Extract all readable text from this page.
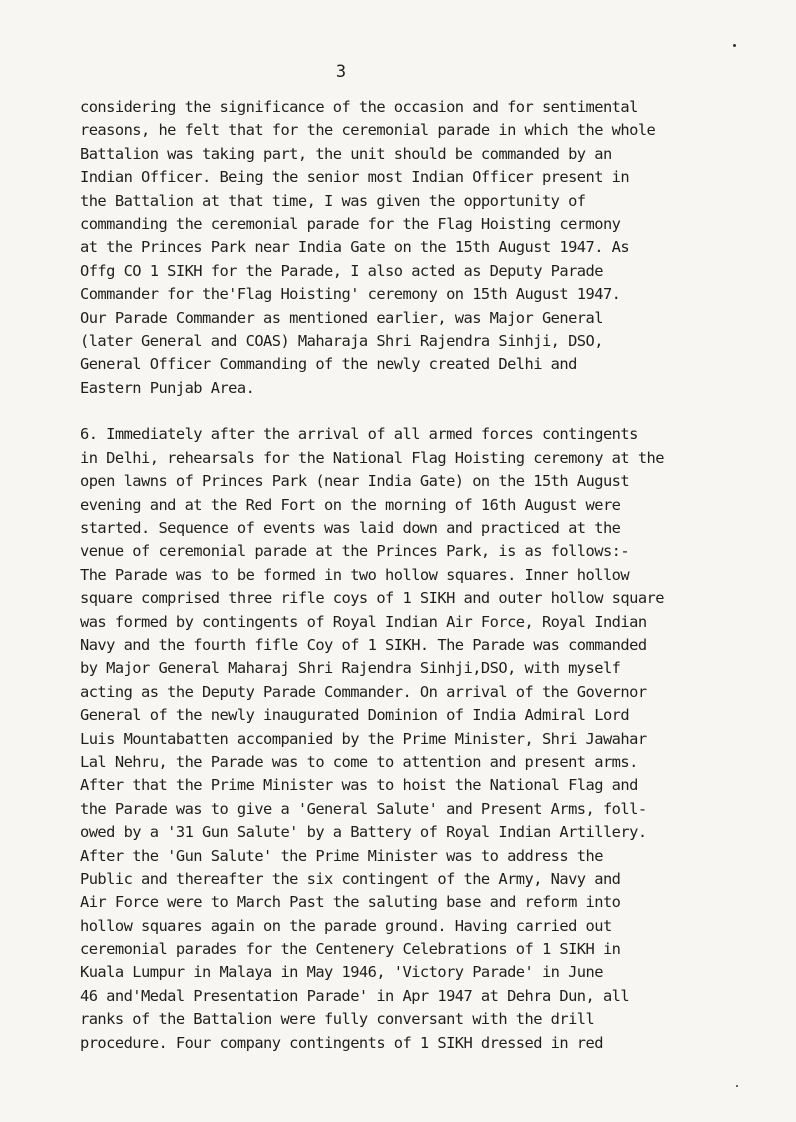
3
considering the significance of the occasion and for sentimental
reasons, he felt that for the ceremonial parade in which the whole
Battalion was taking part, the unit should be commanded by an
Indian Officer. Being the senior most Indian Officer present in
the Battalion at that time, I was given the opportunity of
commanding the ceremonial parade for the Flag Hoisting cermony
at the Princes Park near India Gate on the 15th August 1947. As
Offg CO 1 SIKH for the Parade, I also acted as Deputy Parade
Commander for the'Flag Hoisting' ceremony on 15th August 1947.
Our Parade Commander as mentioned earlier, was Major General
(later General and COAS) Maharaja Shri Rajendra Sinhji, DSO,
General Officer Commanding of the newly created Delhi and
Eastern Punjab Area.
6. Immediately after the arrival of all armed forces contingents
in Delhi, rehearsals for the National Flag Hoisting ceremony at the
open lawns of Princes Park (near India Gate) on the 15th August
evening and at the Red Fort on the morning of 16th August were
started. Sequence of events was laid down and practiced at the
venue of ceremonial parade at the Princes Park, is as follows:-
The Parade was to be formed in two hollow squares. Inner hollow
square comprised three rifle coys of 1 SIKH and outer hollow square
was formed by contingents of Royal Indian Air Force, Royal Indian
Navy and the fourth fifle Coy of 1 SIKH. The Parade was commanded
by Major General Maharaj Shri Rajendra Sinhji,DSO, with myself
acting as the Deputy Parade Commander. On arrival of the Governor
General of the newly inaugurated Dominion of India Admiral Lord
Luis Mountabatten accompanied by the Prime Minister, Shri Jawahar
Lal Nehru, the Parade was to come to attention and present arms.
After that the Prime Minister was to hoist the National Flag and
the Parade was to give a 'General Salute' and Present Arms, foll-
owed by a '31 Gun Salute' by a Battery of Royal Indian Artillery.
After the 'Gun Salute' the Prime Minister was to address the
Public and thereafter the six contingent of the Army, Navy and
Air Force were to March Past the saluting base and reform into
hollow squares again on the parade ground. Having carried out
ceremonial parades for the Centenery Celebrations of 1 SIKH in
Kuala Lumpur in Malaya in May 1946, 'Victory Parade' in June
46 and'Medal Presentation Parade' in Apr 1947 at Dehra Dun, all
ranks of the Battalion were fully conversant with the drill
procedure. Four company contingents of 1 SIKH dressed in red
